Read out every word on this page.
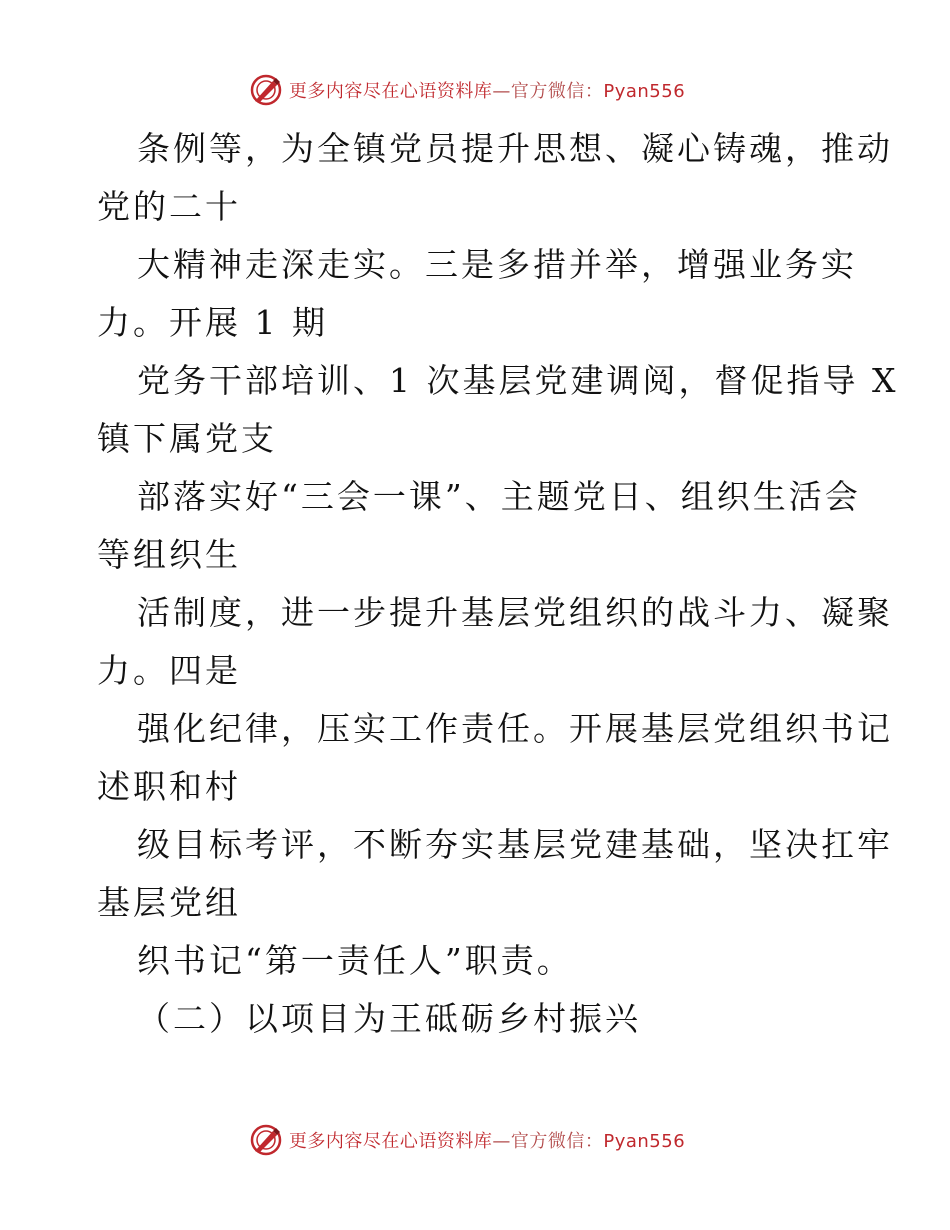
更多内容尽在心语资料库—官方微信：Pyan556
条例等，为全镇党员提升思想、凝心铸魂，推动
党的二十
大精神走深走实。三是多措并举，增强业务实
力。开展 1 期
党务干部培训、1 次基层党建调阅，督促指导 X
镇下属党支
部落实好“三会一课”、主题党日、组织生活会
等组织生
活制度，进一步提升基层党组织的战斗力、凝聚
力。四是
强化纪律，压实工作责任。开展基层党组织书记
述职和村
级目标考评，不断夯实基层党建基础，坚决扛牢
基层党组
织书记“第一责任人”职责。
（二）以项目为王砥砺乡村振兴
更多内容尽在心语资料库—官方微信：Pyan556
